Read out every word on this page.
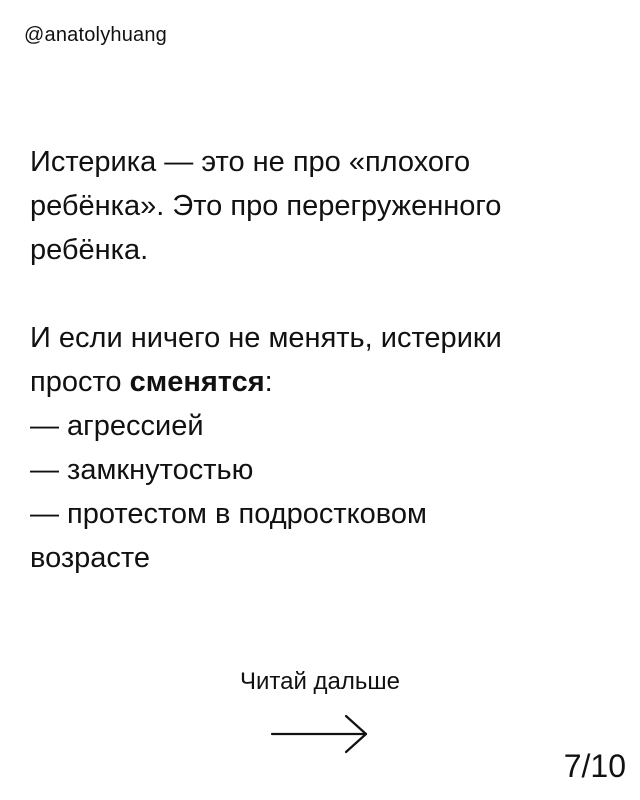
@anatolyhuang

Истерика — это не про «плохого
ребёнка». Это про перегруженного
ребёнка.

И если ничего не менять, истерики
просто сменятся:
— агрессией
— замкнутостью
— протестом в подростковом
возрасте

Читай дальше
7/10
